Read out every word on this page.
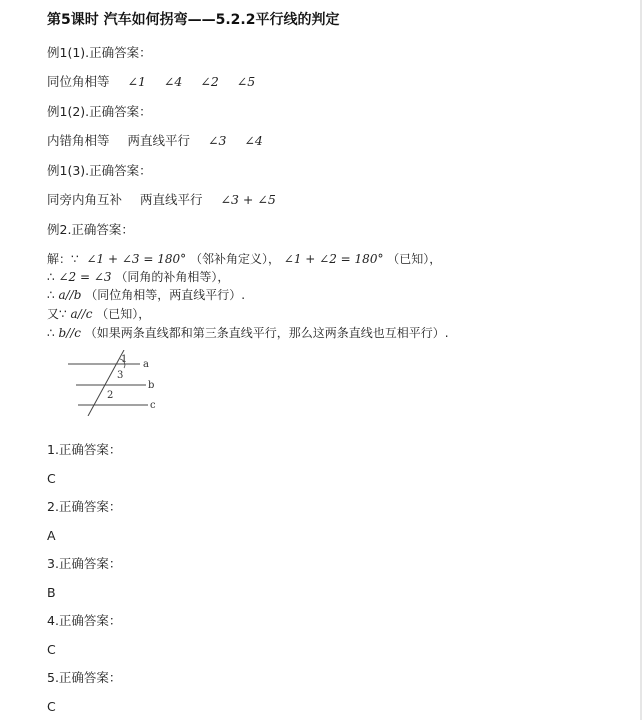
第5课时 汽车如何拐弯——5.2.2平行线的判定
例1(1).正确答案：
同位角相等 ∠1 ∠4 ∠2 ∠5
例1(2).正确答案：
内错角相等 两直线平行 ∠3 ∠4
例1(3).正确答案：
同旁内角互补 两直线平行 ∠3 + ∠5
例2.正确答案：
解：∵ ∠1 + ∠3 = 180° （邻补角定义）， ∠1 + ∠2 = 180° （已知），
∴ ∠2 = ∠3 （同角的补角相等），
∴ a//b （同位角相等，两直线平行）.
又∵ a//c （已知），
∴ b//c （如果两条直线都和第三条直线平行，那么这两条直线也互相平行）.
a
b
c
1
3
2
1.正确答案：
C
2.正确答案：
A
3.正确答案：
B
4.正确答案：
C
5.正确答案：
C
